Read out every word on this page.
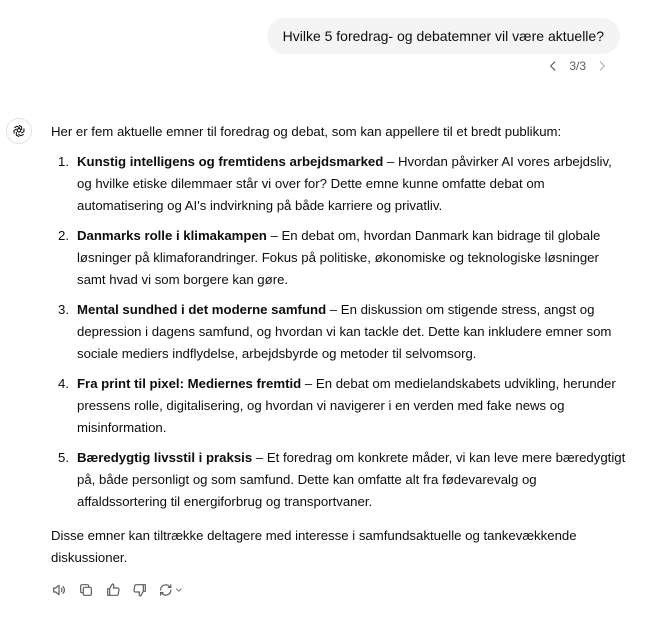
Hvilke 5 foredrag- og debatemner vil være aktuelle?
3/3

Her er fem aktuelle emner til foredrag og debat, som kan appellere til et bredt publikum:

1. Kunstig intelligens og fremtidens arbejdsmarked – Hvordan påvirker AI vores arbejdsliv, og hvilke etiske dilemmaer står vi over for? Dette emne kunne omfatte debat om automatisering og AI's indvirkning på både karriere og privatliv.
2. Danmarks rolle i klimakampen – En debat om, hvordan Danmark kan bidrage til globale løsninger på klimaforandringer. Fokus på politiske, økonomiske og teknologiske løsninger samt hvad vi som borgere kan gøre.
3. Mental sundhed i det moderne samfund – En diskussion om stigende stress, angst og depression i dagens samfund, og hvordan vi kan tackle det. Dette kan inkludere emner som sociale mediers indflydelse, arbejdsbyrde og metoder til selvomsorg.
4. Fra print til pixel: Mediernes fremtid – En debat om medielandskabets udvikling, herunder pressens rolle, digitalisering, og hvordan vi navigerer i en verden med fake news og misinformation.
5. Bæredygtig livsstil i praksis – Et foredrag om konkrete måder, vi kan leve mere bæredygtigt på, både personligt og som samfund. Dette kan omfatte alt fra fødevarevalg og affaldssortering til energiforbrug og transportvaner.

Disse emner kan tiltrække deltagere med interesse i samfundsaktuelle og tankevækkende diskussioner.
